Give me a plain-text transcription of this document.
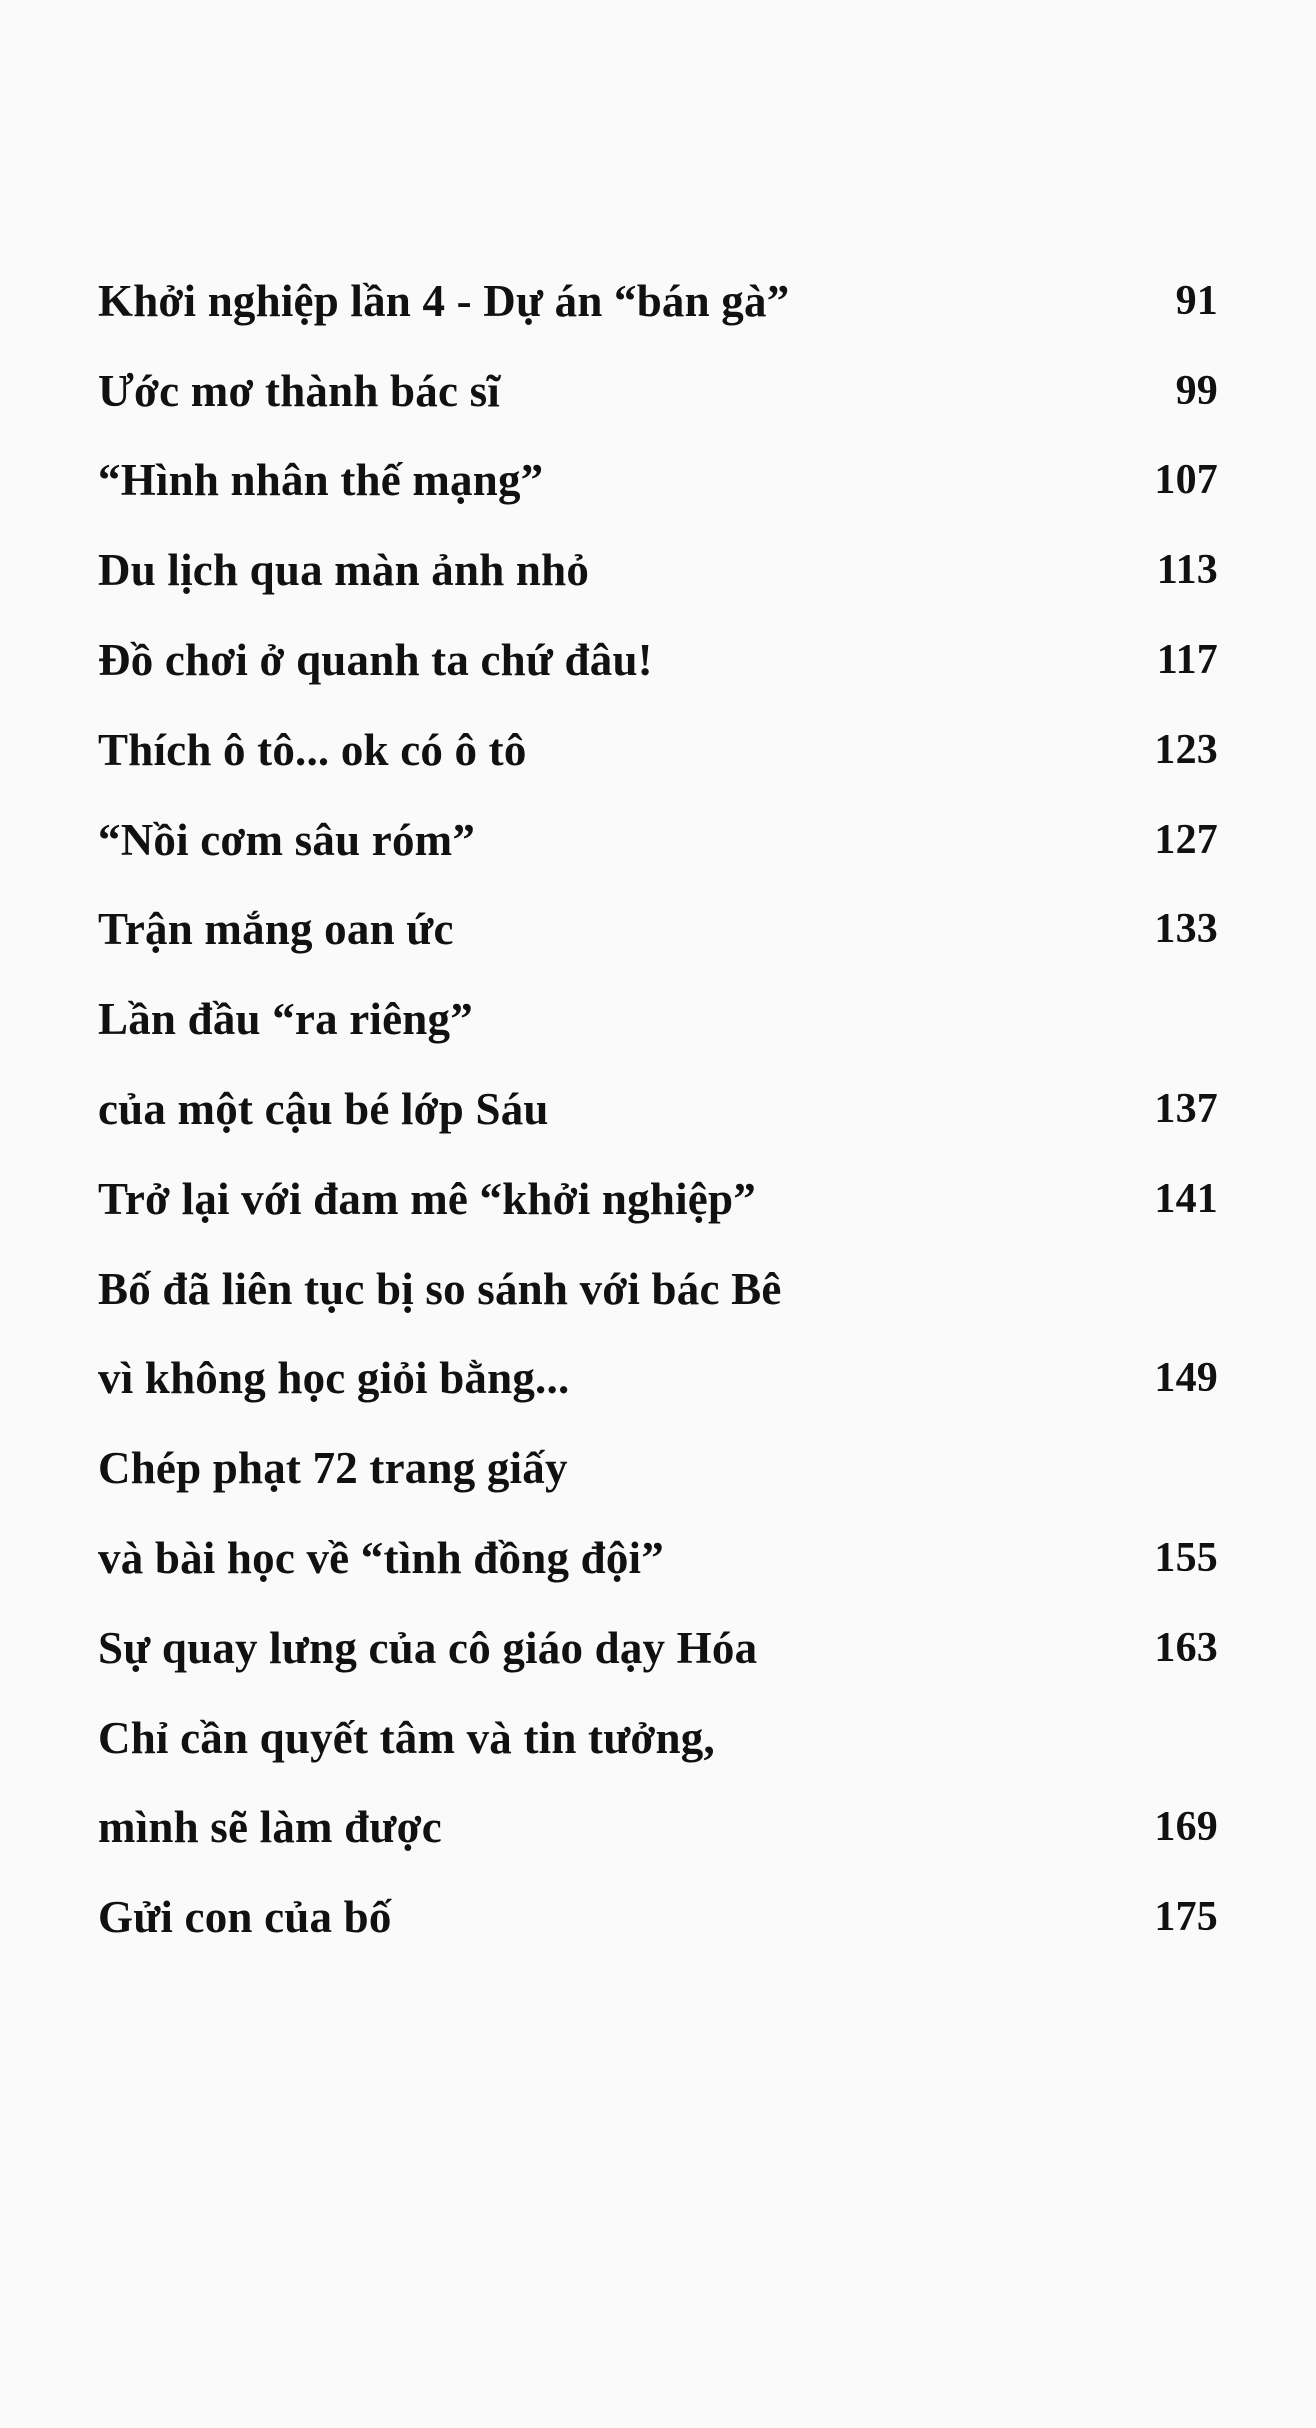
Khởi nghiệp lần 4 - Dự án “bán gà”	91
Ước mơ thành bác sĩ	99
“Hình nhân thế mạng”	107
Du lịch qua màn ảnh nhỏ	113
Đồ chơi ở quanh ta chứ đâu!	117
Thích ô tô... ok có ô tô	123
“Nồi cơm sâu róm”	127
Trận mắng oan ức	133
Lần đầu “ra riêng”
của một cậu bé lớp Sáu	137
Trở lại với đam mê “khởi nghiệp”	141
Bố đã liên tục bị so sánh với bác Bê
vì không học giỏi bằng...	149
Chép phạt 72 trang giấy
và bài học về “tình đồng đội”	155
Sự quay lưng của cô giáo dạy Hóa	163
Chỉ cần quyết tâm và tin tưởng,
mình sẽ làm được	169
Gửi con của bố	175
